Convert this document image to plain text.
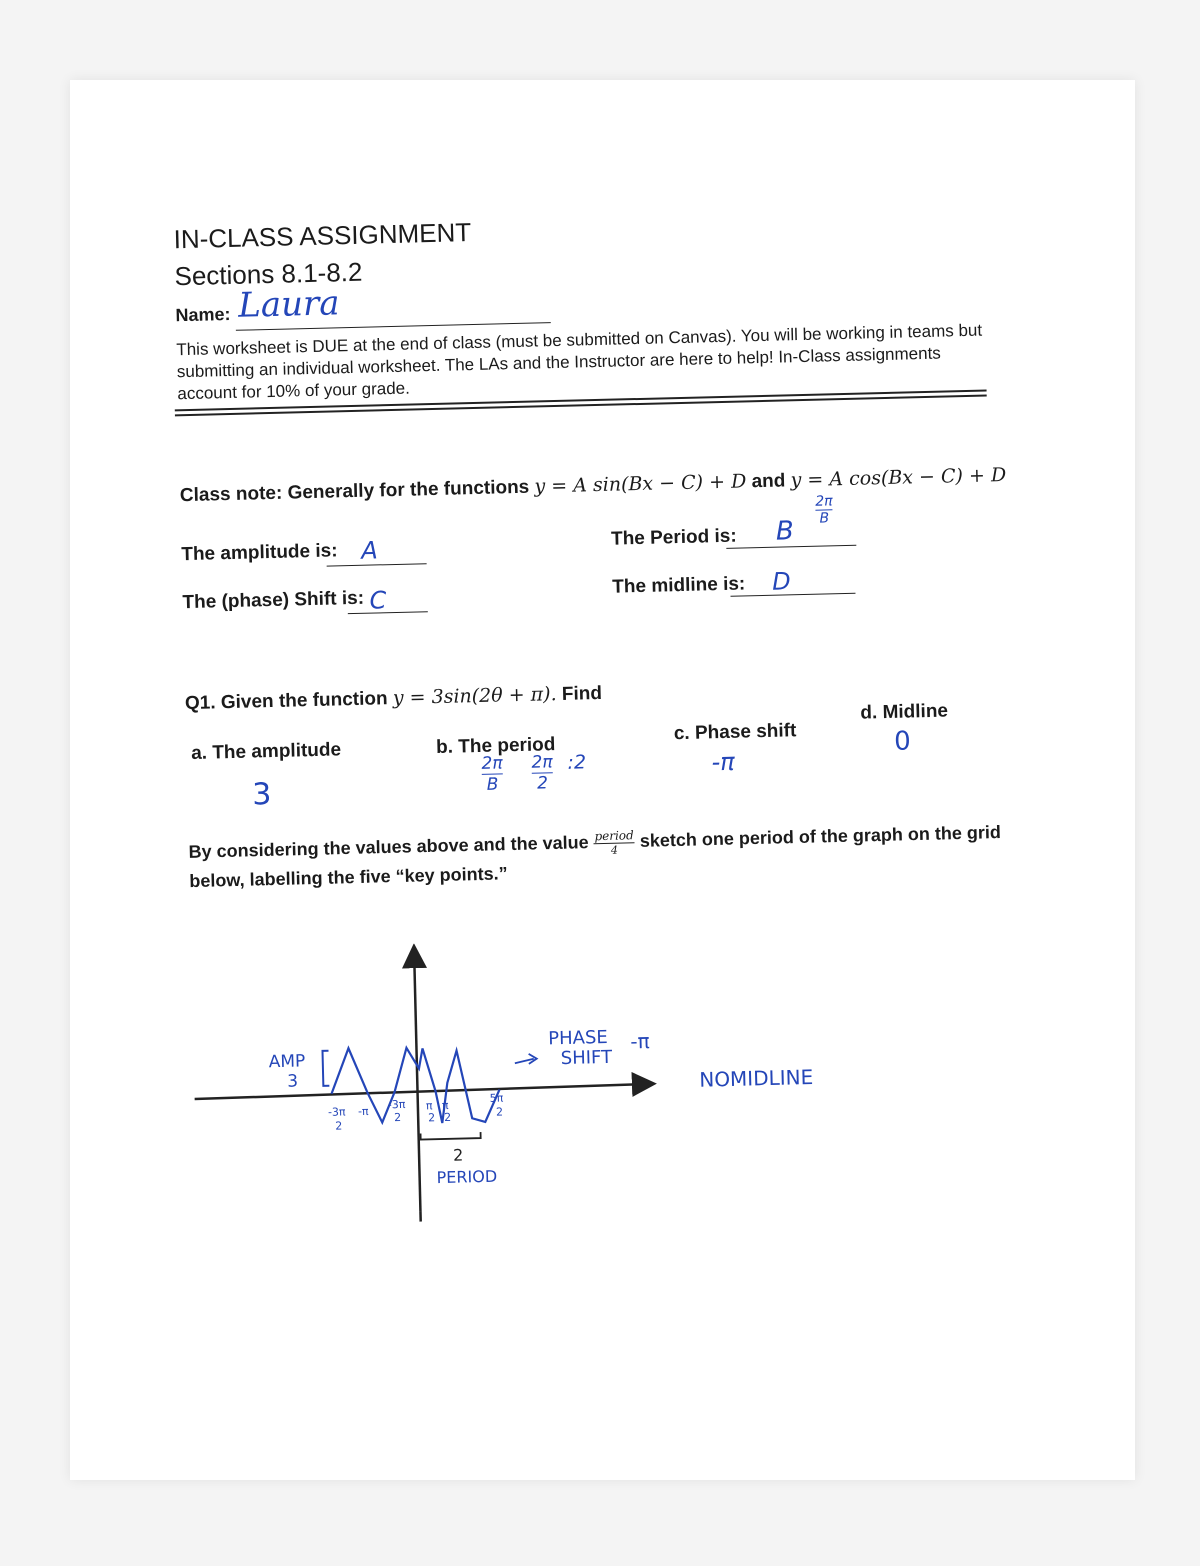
IN-CLASS ASSIGNMENT
Sections 8.1-8.2
Name: Laura
This worksheet is DUE at the end of class (must be submitted on Canvas). You will be working in teams but submitting an individual worksheet. The LAs and the Instructor are here to help! In-Class assignments account for 10% of your grade.
Class note: Generally for the functions y = A sin(Bx − C) + D and y = A cos(Bx − C) + D
The amplitude is: A	The Period is: B
$\frac{2\pi}{B}$
The (phase) Shift is: C
The midline is: D
Q1. Given the function y = 3sin(2θ + π). Find
a. The amplitude
3
b. The period
$\frac{2\pi}{B} \frac{2\pi}{2}$ :2
c. Phase shift
-π
d. Midline
0
By considering the values above and the value $\frac{\text{period}}{4}$ sketch one period of the graph on the grid
below, labelling the five “key points.”
AMP
3
-3π
2
-π
-3π
2
π
2
π
2
5π
2
2
PERIOD
PHASE
SHIFT
-π
NOMIDLINE
